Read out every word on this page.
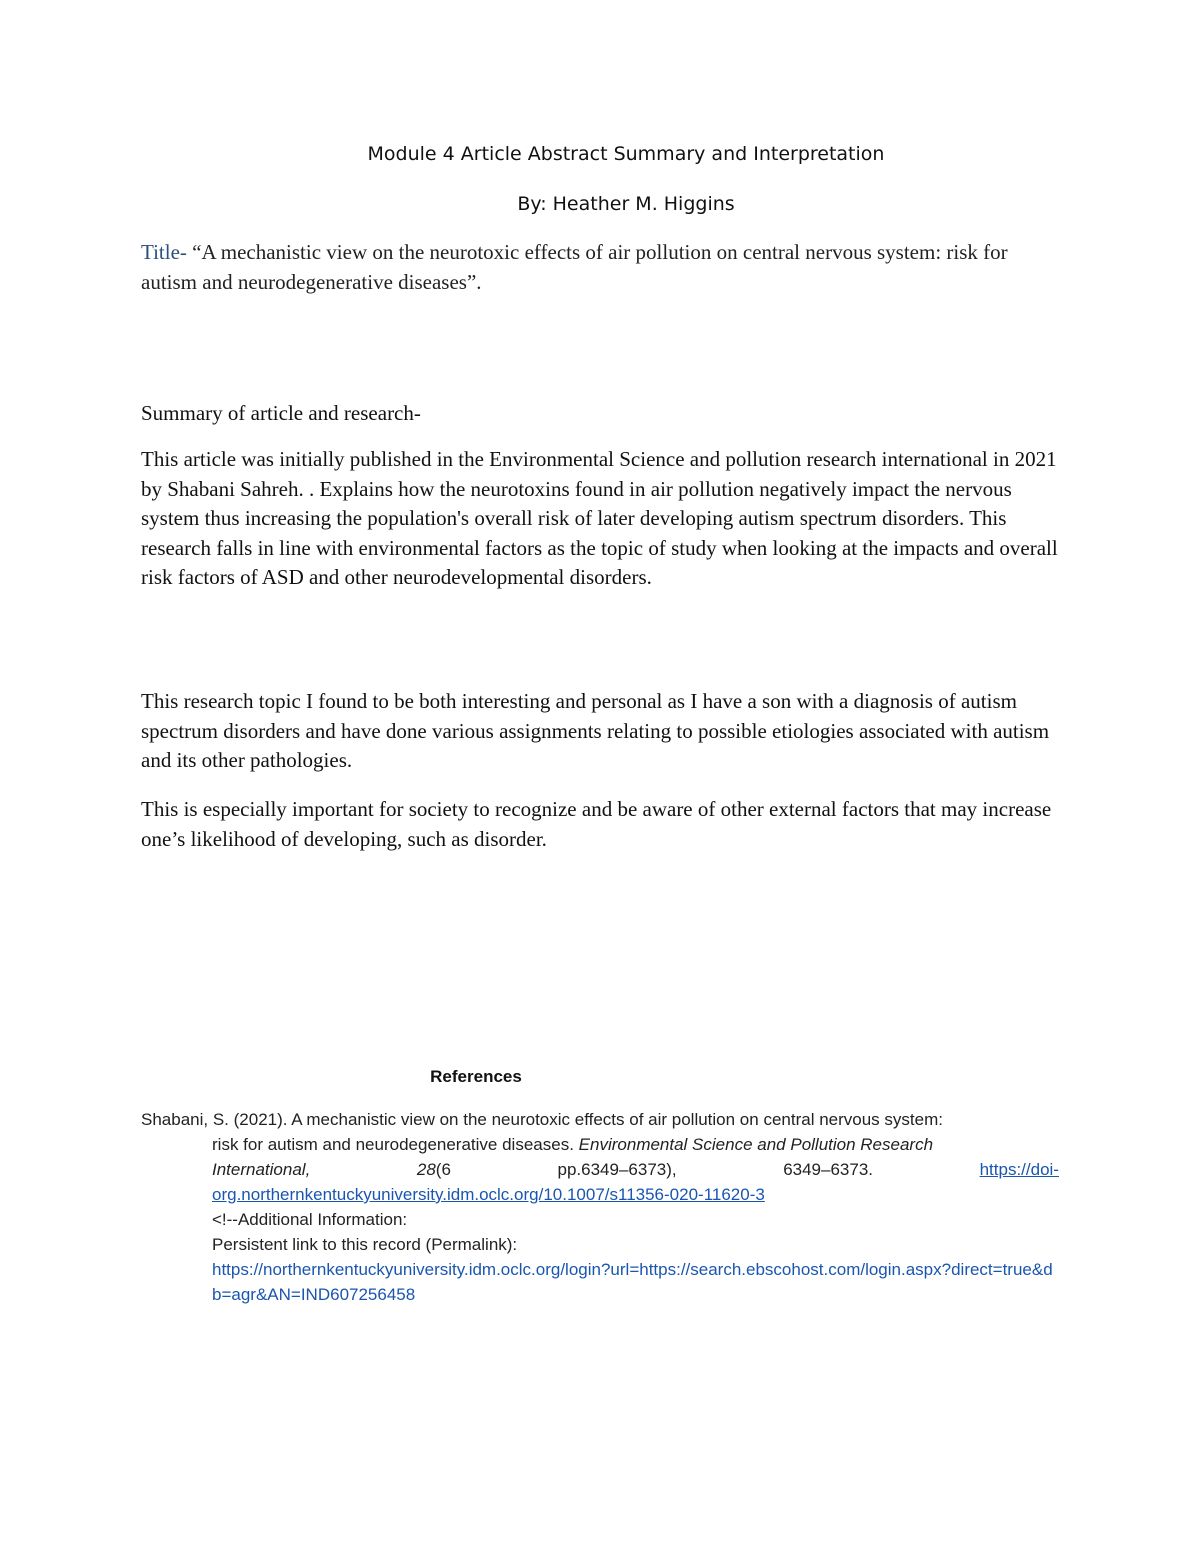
Module 4 Article Abstract Summary and Interpretation
By: Heather M. Higgins
Title- “A mechanistic view on the neurotoxic effects of air pollution on central nervous system: risk for autism and neurodegenerative diseases”.
Summary of article and research-
This article was initially published in the Environmental Science and pollution research international in 2021 by Shabani Sahreh. . Explains how the neurotoxins found in air pollution negatively impact the nervous system thus increasing the population's overall risk of later developing autism spectrum disorders. This research falls in line with environmental factors as the topic of study when looking at the impacts and overall risk factors of ASD and other neurodevelopmental disorders.
This research topic I found to be both interesting and personal as I have a son with a diagnosis of autism spectrum disorders and have done various assignments relating to possible etiologies associated with autism and its other pathologies.
This is especially important for society to recognize and be aware of other external factors that may increase one’s likelihood of developing, such as disorder.
References
Shabani, S. (2021). A mechanistic view on the neurotoxic effects of air pollution on central nervous system:
risk for autism and neurodegenerative diseases. Environmental Science and Pollution Research
International,	28(6	pp.6349–6373),	6349–6373.	https://doi-
org.northernkentuckyuniversity.idm.oclc.org/10.1007/s11356-020-11620-3
<!--Additional Information:
Persistent link to this record (Permalink):
https://northernkentuckyuniversity.idm.oclc.org/login?url=https://search.ebscohost.com/login.aspx?direct=true&db=agr&AN=IND607256458
